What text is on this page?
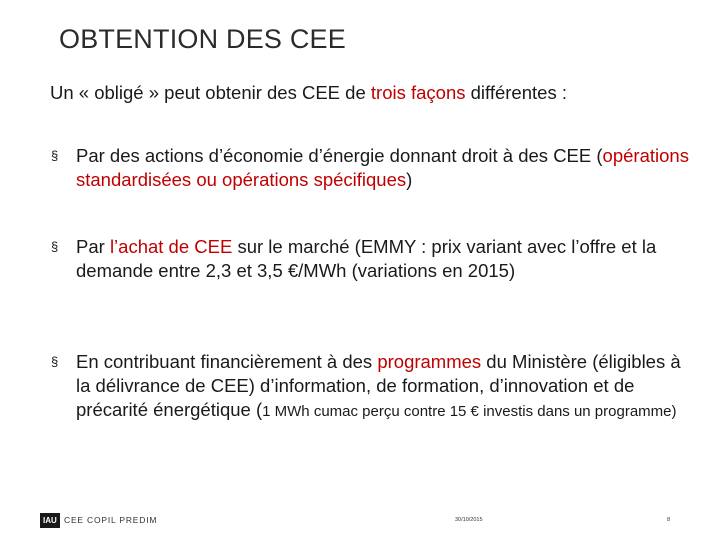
OBTENTION DES CEE
Un « obligé » peut obtenir des CEE de trois façons différentes :
§ Par des actions d’économie d’énergie donnant droit à des CEE (opérations standardisées ou opérations spécifiques)
§ Par l’achat de CEE sur le marché (EMMY : prix variant avec l’offre et la demande entre 2,3 et 3,5 €/MWh (variations en 2015)
§ En contribuant financièrement à des programmes du Ministère (éligibles à la délivrance de CEE) d’information, de formation, d’innovation et de précarité énergétique (1 MWh cumac perçu contre 15 € investis dans un programme)
IAU CEE COPIL PREDIM	30/10/2015	8
